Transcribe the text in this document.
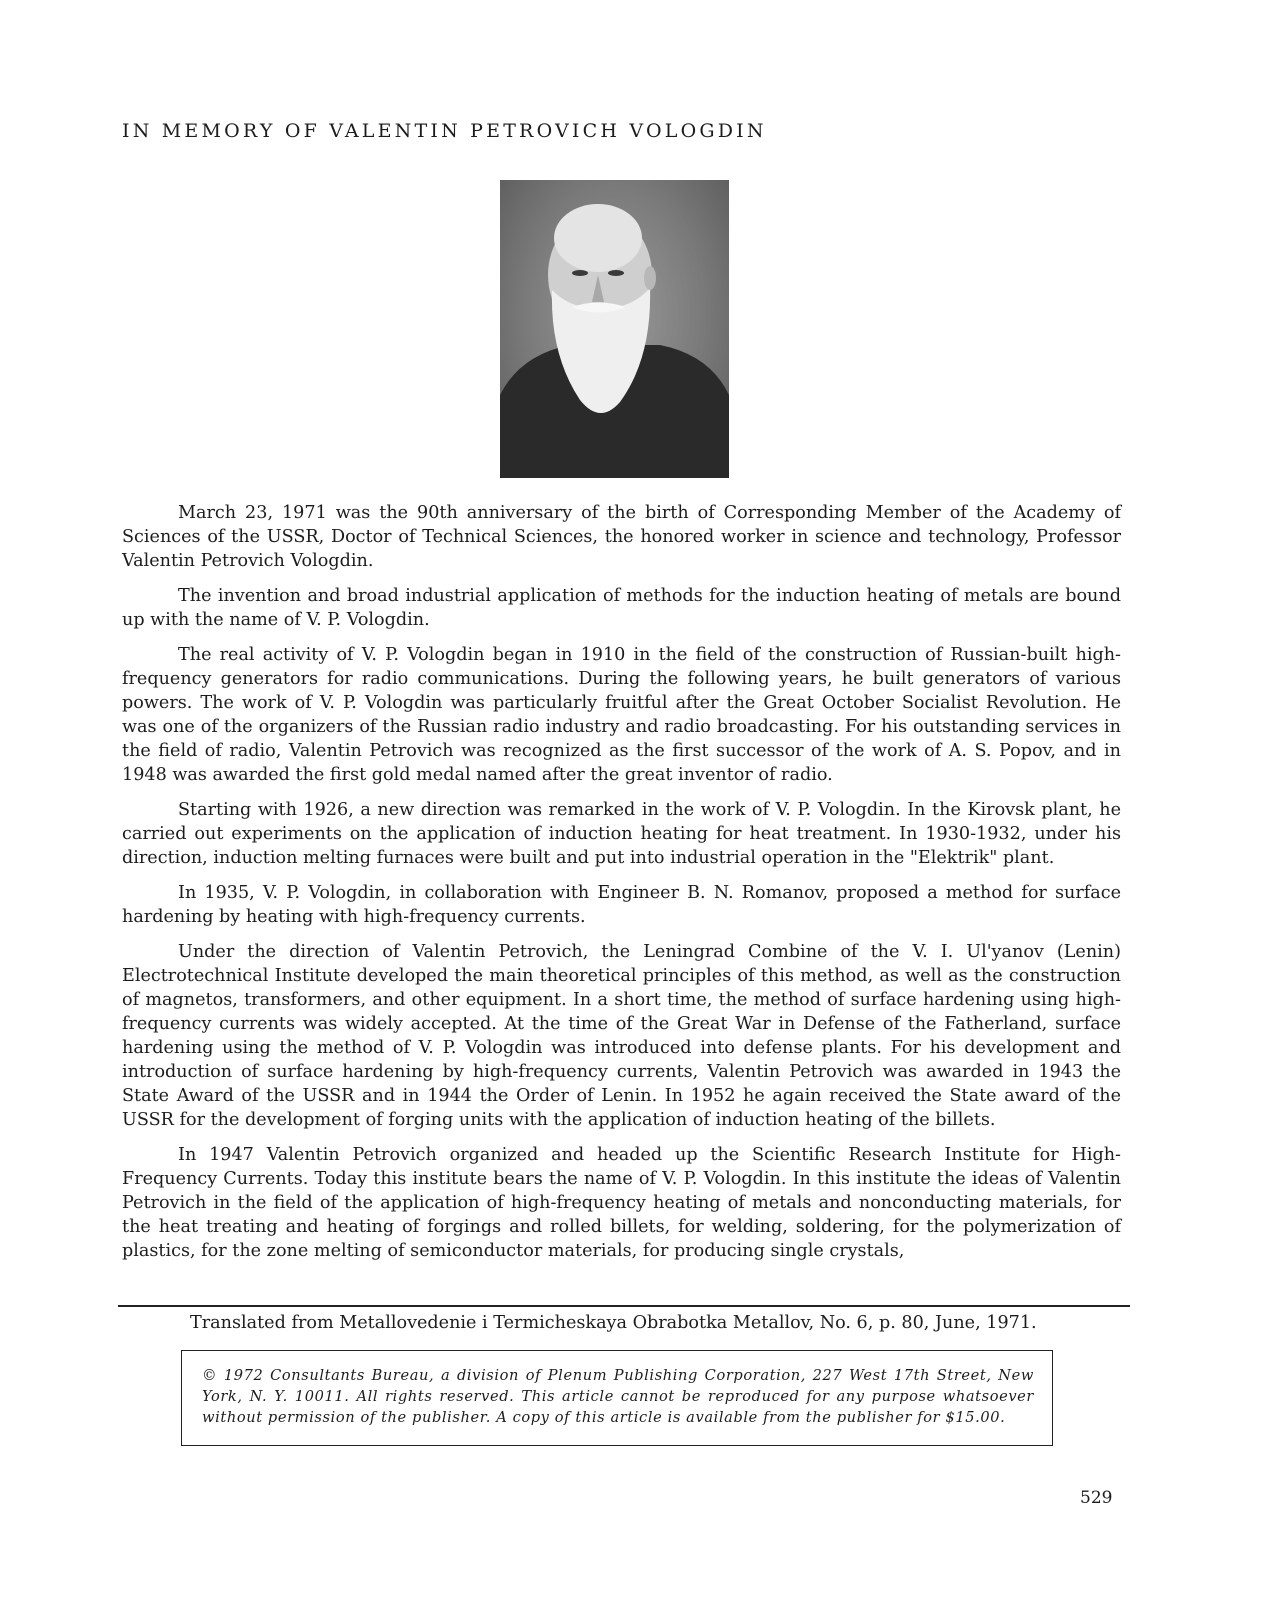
IN MEMORY OF VALENTIN PETROVICH VOLOGDIN

March 23, 1971 was the 90th anniversary of the birth of Corresponding Member of the Academy of Sciences of the USSR, Doctor of Technical Sciences, the honored worker in science and technology, Professor Valentin Petrovich Vologdin.

The invention and broad industrial application of methods for the induction heating of metals are bound up with the name of V. P. Vologdin.

The real activity of V. P. Vologdin began in 1910 in the field of the construction of Russian-built high-frequency generators for radio communications. During the following years, he built generators of various powers. The work of V. P. Vologdin was particularly fruitful after the Great October Socialist Revolution. He was one of the organizers of the Russian radio industry and radio broadcasting. For his outstanding services in the field of radio, Valentin Petrovich was recognized as the first successor of the work of A. S. Popov, and in 1948 was awarded the first gold medal named after the great inventor of radio.

Starting with 1926, a new direction was remarked in the work of V. P. Vologdin. In the Kirovsk plant, he carried out experiments on the application of induction heating for heat treatment. In 1930-1932, under his direction, induction melting furnaces were built and put into industrial operation in the "Elektrik" plant.

In 1935, V. P. Vologdin, in collaboration with Engineer B. N. Romanov, proposed a method for surface hardening by heating with high-frequency currents.

Under the direction of Valentin Petrovich, the Leningrad Combine of the V. I. Ul'yanov (Lenin) Electrotechnical Institute developed the main theoretical principles of this method, as well as the construction of magnetos, transformers, and other equipment. In a short time, the method of surface hardening using high-frequency currents was widely accepted. At the time of the Great War in Defense of the Fatherland, surface hardening using the method of V. P. Vologdin was introduced into defense plants. For his development and introduction of surface hardening by high-frequency currents, Valentin Petrovich was awarded in 1943 the State Award of the USSR and in 1944 the Order of Lenin. In 1952 he again received the State award of the USSR for the development of forging units with the application of induction heating of the billets.

In 1947 Valentin Petrovich organized and headed up the Scientific Research Institute for High-Frequency Currents. Today this institute bears the name of V. P. Vologdin. In this institute the ideas of Valentin Petrovich in the field of the application of high-frequency heating of metals and nonconducting materials, for the heat treating and heating of forgings and rolled billets, for welding, soldering, for the polymerization of plastics, for the zone melting of semiconductor materials, for producing single crystals,

Translated from Metallovedenie i Termicheskaya Obrabotka Metallov, No. 6, p. 80, June, 1971.
© 1972 Consultants Bureau, a division of Plenum Publishing Corporation, 227 West 17th Street, New York, N. Y. 10011. All rights reserved. This article cannot be reproduced for any purpose whatsoever without permission of the publisher. A copy of this article is available from the publisher for $15.00.
529
